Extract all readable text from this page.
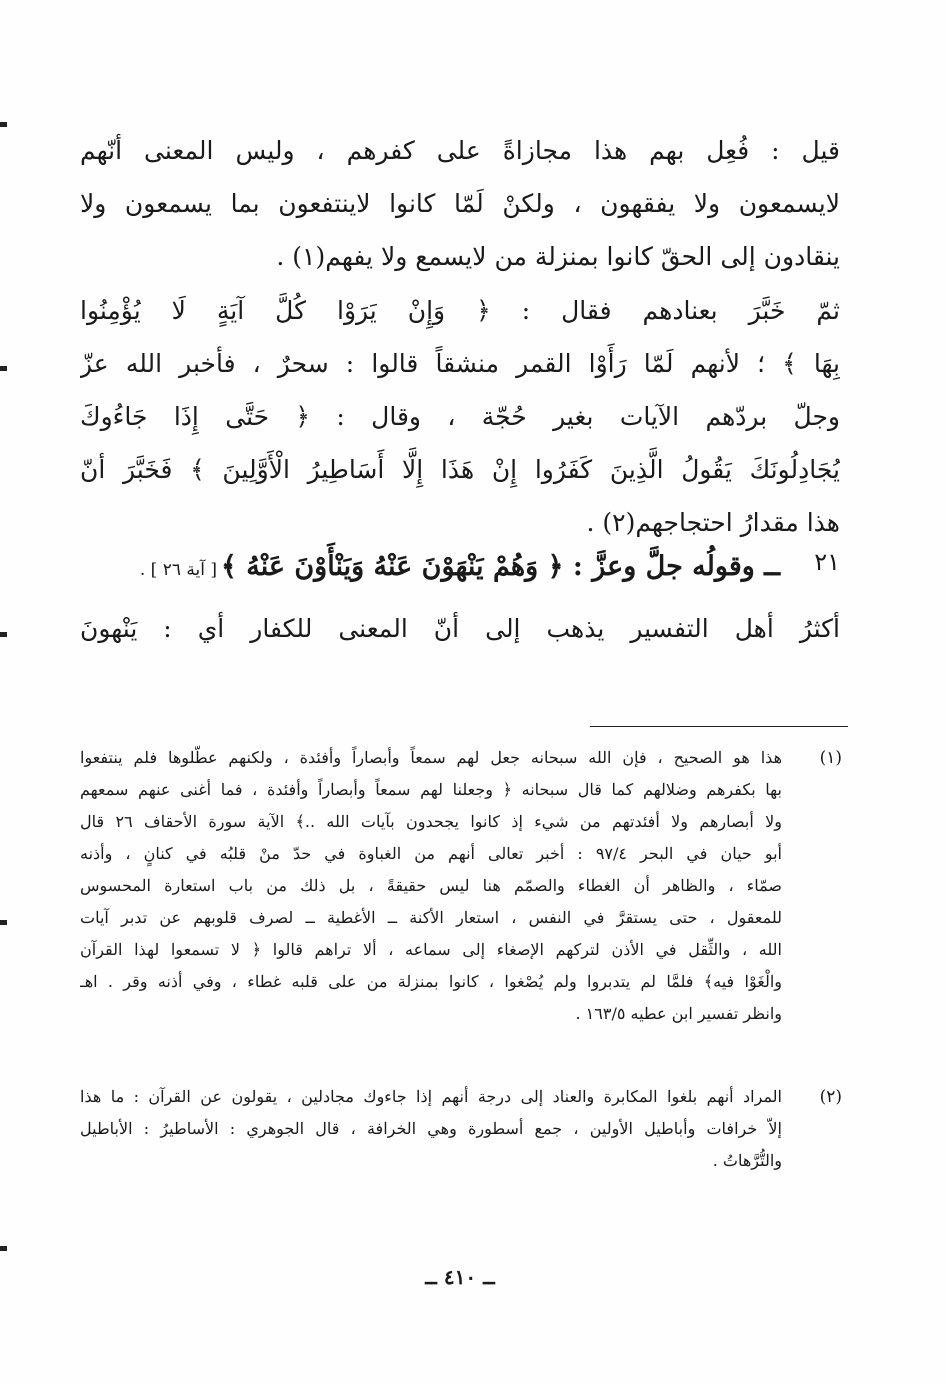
قيل : فُعِل بهم هذا مجازاةً على كفرهم ، وليس المعنى أنّهم
لايسمعون ولا يفقهون ، ولكنْ لَمّا كانوا لاينتفعون بما يسمعون ولا
ينقادون إلى الحقّ كانوا بمنزلة من لايسمع ولا يفهم(١) .
ثمّ خَبَّرَ بعنادهم فقال : ﴿ وَإِنْ يَرَوْا كُلَّ آيَةٍ لَا يُؤْمِنُوا
بِهَا ﴾ ؛ لأنهم لَمّا رَأَوْا القمر منشقاً قالوا : سحرٌ ، فأخبر الله عزّ
وجلّ بردّهم الآيات بغير حُجّة ، وقال : ﴿ حَتَّى إِذَا جَاءُوكَ
يُجَادِلُونَكَ يَقُولُ الَّذِينَ كَفَرُوا إِنْ هَذَا إِلَّا أَسَاطِيرُ الْأَوَّلِينَ ﴾ فَخَبَّرَ أنّ
هذا مقدارُ احتجاجهم(٢) .
٢١
ــ وقولُه جلَّ وعزَّ : ﴿ وَهُمْ يَنْهَوْنَ عَنْهُ وَيَنْأَوْنَ عَنْهُ ﴾[ آية ٢٦ ] .
أكثرُ أهل التفسير يذهب إلى أنّ المعنى للكفار أي : يَنْهونَ
(١)
هذا هو الصحيح ، فإن الله سبحانه جعل لهم سمعاً وأبصاراً وأفئدة ، ولكنهم عطّلوها فلم ينتفعوا
بها بكفرهم وضلالهم كما قال سبحانه ﴿ وجعلنا لهم سمعاً وأبصاراً وأفئدة ، فما أغنى عنهم سمعهم
ولا أبصارهم ولا أفئدتهم من شيء إذ كانوا يجحدون بآيات الله ..﴾ الآية سورة الأحقاف ٢٦ قال
أبو حيان في البحر ٩٧/٤ : أخبر تعالى أنهم من الغباوة في حدّ منْ قلبُه في كنانٍ ، وأذنه
صمّاء ، والظاهر أن الغطاء والصمّم هنا ليس حقيقةً ، بل ذلك من باب استعارة المحسوس
للمعقول ، حتى يستقرَّ في النفس ، استعار الأكنة ــ الأغطية ــ لصرف قلوبهم عن تدبر آيات
الله ، والثِّقل في الأذن لتركهم الإصغاء إلى سماعه ، ألا تراهم قالوا ﴿ لا تسمعوا لهذا القرآن
والْغَوْا فيه﴾ فلمَّا لم يتدبروا ولم يُصْغوا ، كانوا بمنزلة من على قلبه غطاء ، وفي أذنه وقر . اهـ
وانظر تفسير ابن عطيه ١٦٣/٥ .
(٢)
المراد أنهم بلغوا المكابرة والعناد إلى درجة أنهم إذا جاءوك مجادلين ، يقولون عن القرآن : ما هذا
إلاّ خرافات وأباطيل الأولين ، جمع أسطورة وهي الخرافة ، قال الجوهري : الأساطيرُ : الأباطيل
والتُّرَّهاتُ .
ــ ٤١٠ ــ
